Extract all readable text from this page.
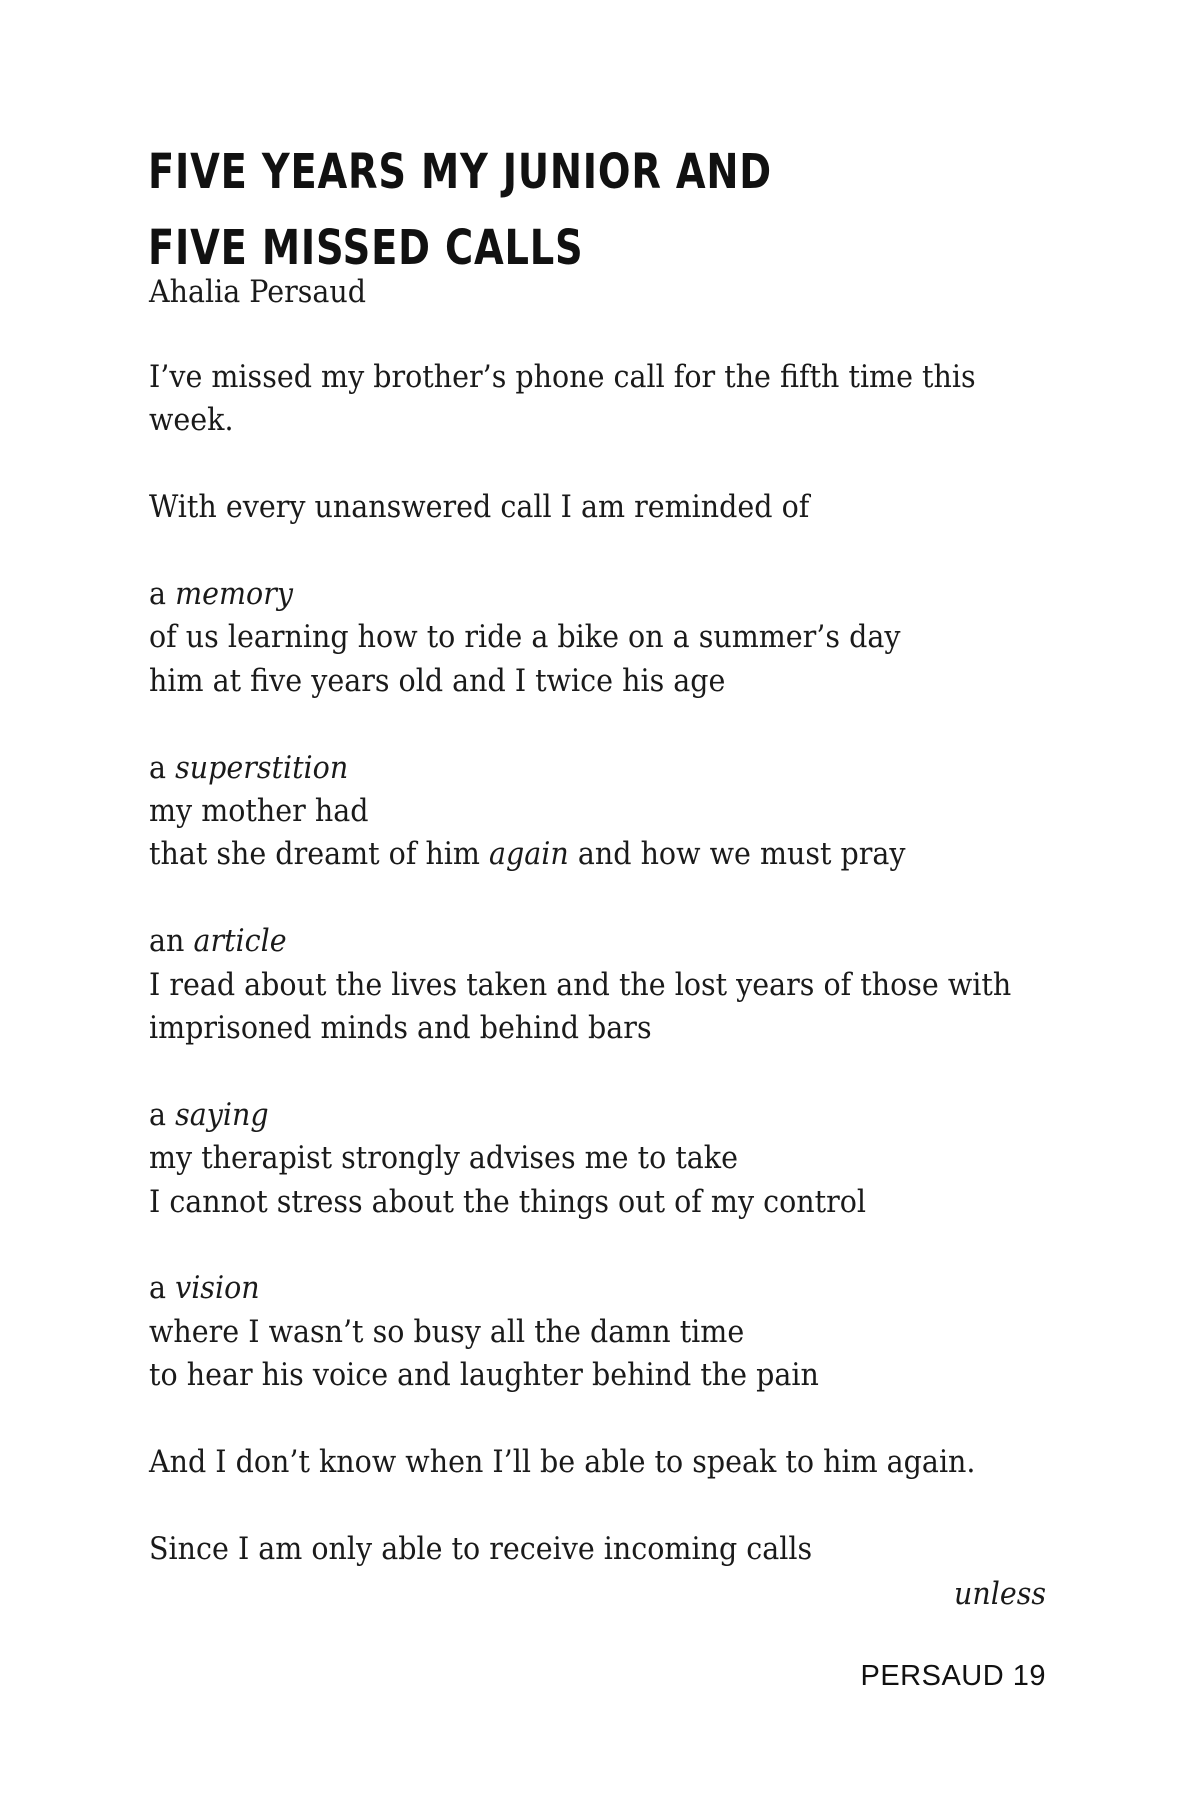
FIVE YEARS MY JUNIOR AND FIVE MISSED CALLS

Ahalia Persaud

I’ve missed my brother’s phone call for the fifth time this
week.
With every unanswered call I am reminded of
a memory
of us learning how to ride a bike on a summer’s day
him at five years old and I twice his age
a superstition
my mother had
that she dreamt of him again and how we must pray
an article
I read about the lives taken and the lost years of those with
imprisoned minds and behind bars
a saying
my therapist strongly advises me to take
I cannot stress about the things out of my control
a vision
where I wasn’t so busy all the damn time
to hear his voice and laughter behind the pain
And I don’t know when I’ll be able to speak to him again.
Since I am only able to receive incoming calls
unless
PERSAUD 19
